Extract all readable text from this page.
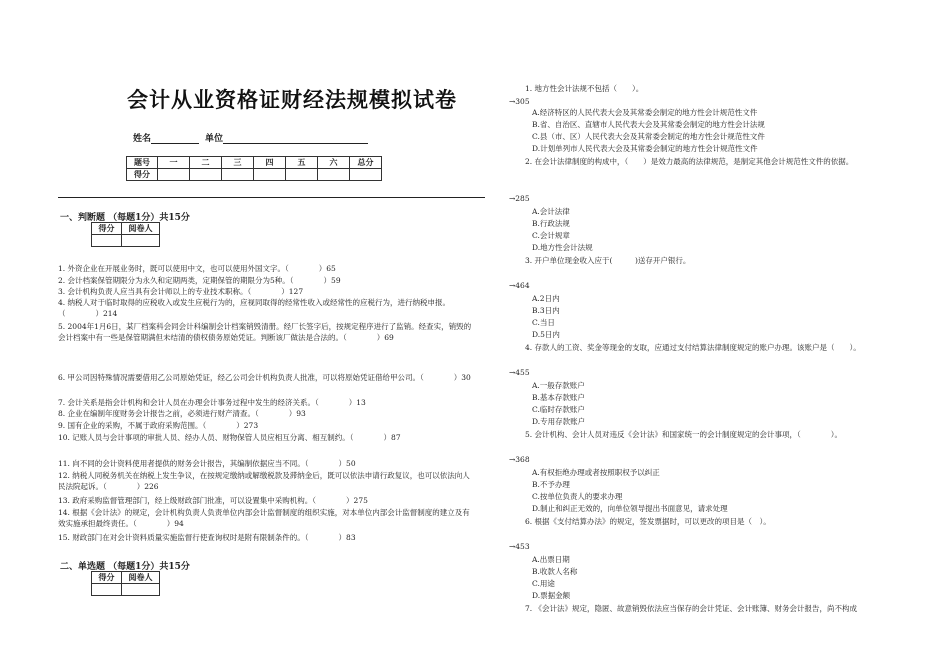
会计从业资格证财经法规模拟试卷
姓名	单位
题号	一	二	三	四	五	六	总分
得分							
一、判断题 （每题1分）共15分
得分	阅卷人

1. 外资企业在开展业务时，既可以使用中文，也可以使用外国文字。（　　　　）65
2. 会计档案保管期限分为永久和定期两类，定期保管的期限分为5种。（　　　　）59
3. 会计机构负责人应当具有会计师以上的专业技术职称。（　　　　）127
4. 纳税人对于临时取得的应税收入或发生应税行为的，应视同取得的经常性收入或经常性的应税行为，进行纳税申报。（　　　　）214
5. 2004年1月6日，某厂档案科会同会计科编制会计档案销毁清册。经厂长签字后，按规定程序进行了监销。经查实，销毁的会计档案中有一些是保管期满但未结清的债权债务原始凭证。判断该厂做法是合法的。（　　　　）69
6. 甲公司因特殊情况需要借用乙公司原始凭证，经乙公司会计机构负责人批准，可以将原始凭证借给甲公司。（　　　　）30
7. 会计关系是指会计机构和会计人员在办理会计事务过程中发生的经济关系。（　　　　）13
8. 企业在编制年度财务会计报告之前，必须进行财产清查。（　　　　）93
9. 国有企业的采购，不属于政府采购范围。（　　　　）273
10. 记账人员与会计事项的审批人员、经办人员、财物保管人员应相互分离、相互制约。（　　　　）87
11. 向不同的会计资料使用者提供的财务会计报告，其编制依据应当不同。（　　　　）50
12. 纳税人同税务机关在纳税上发生争议，在按规定缴纳或解缴税款及滞纳金后，既可以依法申请行政复议，也可以依法向人民法院起诉。（　　　　）226
13. 政府采购监督管理部门，经上级财政部门批准，可以设置集中采购机构。（　　　　）275
14. 根据《会计法》的规定，会计机构负责人负责单位内部会计监督制度的组织实施，对本单位内部会计监督制度的建立及有效实施承担最终责任。（　　　　）94
15. 财政部门在对会计资料质量实施监督行使查询权时是附有限制条件的。（　　　　）83
二、单选题 （每题1分）共15分
得分	阅卷人

1. 地方性会计法规不包括（　　）。
→305
A.经济特区的人民代表大会及其常委会制定的地方性会计规范性文件
B.省、自治区、直辖市人民代表大会及其常委会制定的地方性会计法规
C.县（市、区）人民代表大会及其常委会制定的地方性会计规范性文件
D.计划单列市人民代表大会及其常委会制定的地方性会计规范性文件
2. 在会计法律制度的构成中，（　　）是效力最高的法律规范，是制定其他会计规范性文件的依据。
→285
A.会计法律
B.行政法规
C.会计规章
D.地方性会计法规
3. 开户单位现金收入应于(　　　)送存开户银行。
→464
A.2日内
B.3日内
C.当日
D.5日内
4. 存款人的工资、奖金等现金的支取，应通过支付结算法律制度规定的账户办理。该账户是（　　）。
→455
A.一般存款账户
B.基本存款账户
C.临时存款账户
D.专用存款账户
5. 会计机构、会计人员对违反《会计法》和国家统一的会计制度规定的会计事项，（　　　　）。
→368
A.有权拒绝办理或者按照职权予以纠正
B.不予办理
C.按单位负责人的要求办理
D.制止和纠正无效的，向单位领导提出书面意见，请求处理
6. 根据《支付结算办法》的规定，签发票据时，可以更改的项目是（　）。
→453
A.出票日期
B.收款人名称
C.用途
D.票据金额
7. 《会计法》规定，隐匿、故意销毁依法应当保存的会计凭证、会计账簿、财务会计报告，尚不构成
